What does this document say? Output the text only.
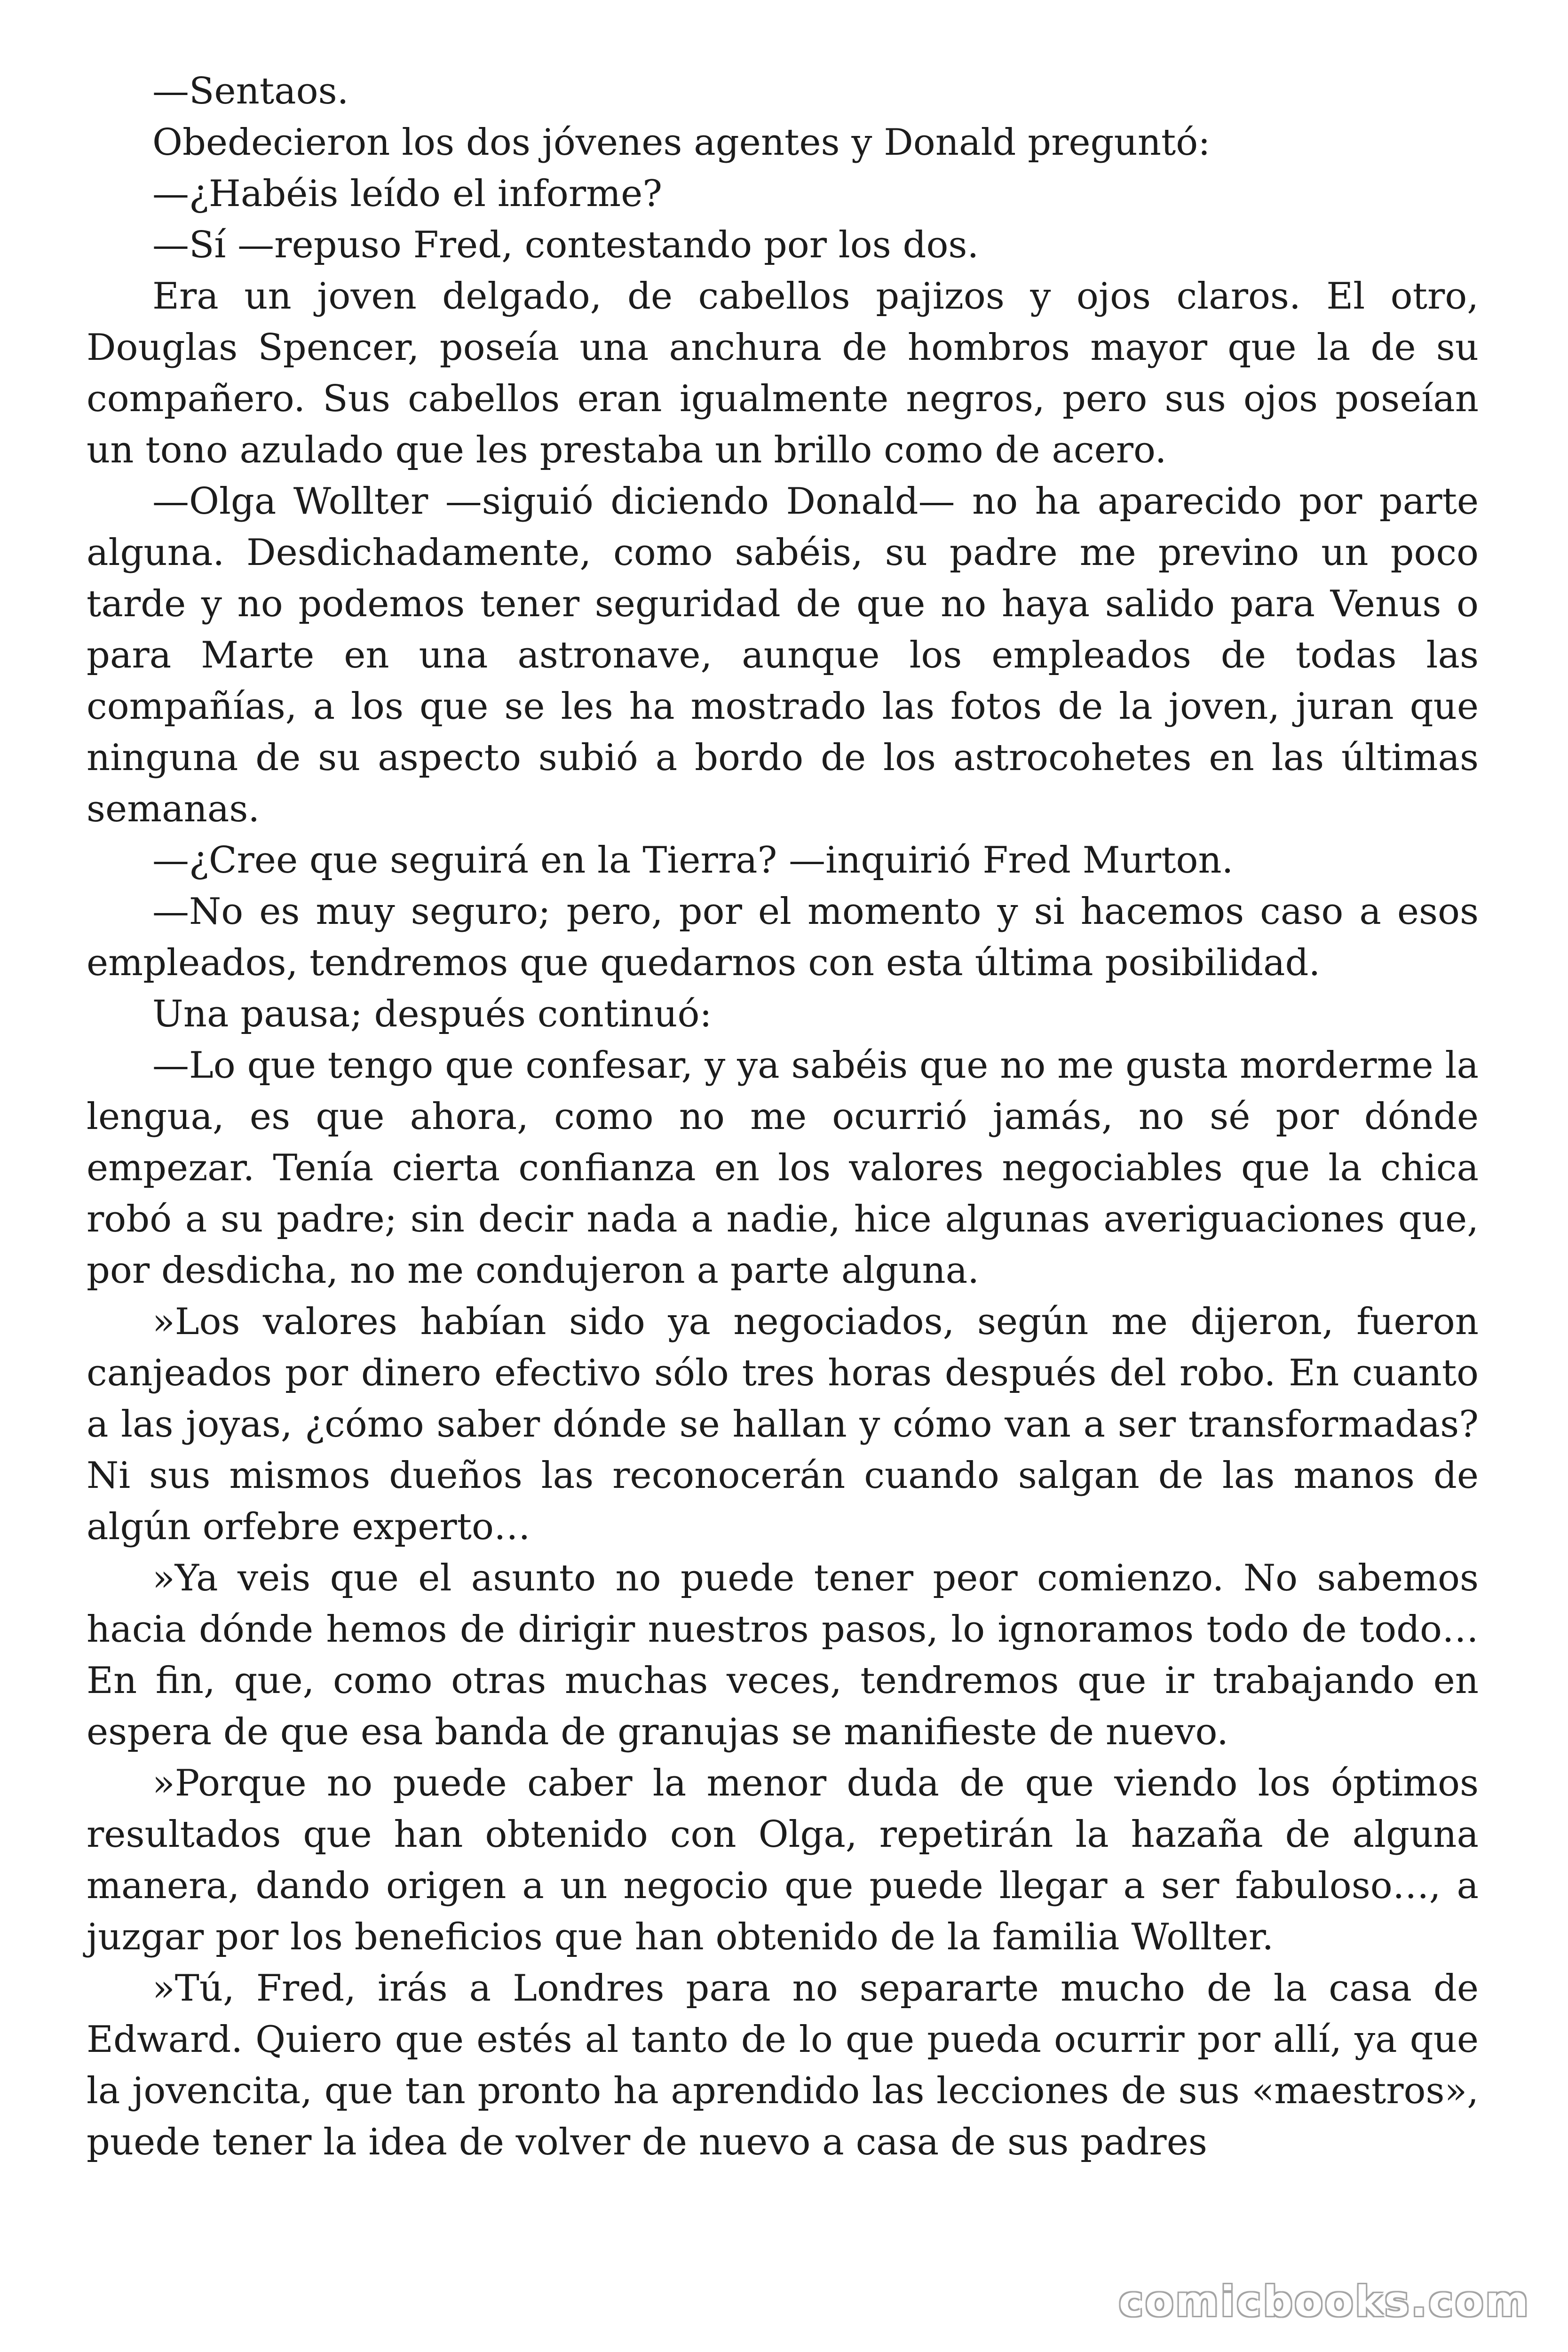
—Sentaos.

Obedecieron los dos jóvenes agentes y Donald preguntó:

—¿Habéis leído el informe?

—Sí —repuso Fred, contestando por los dos.

Era un joven delgado, de cabellos pajizos y ojos claros. El otro, Douglas Spencer, poseía una anchura de hombros mayor que la de su compañero. Sus cabellos eran igualmente negros, pero sus ojos poseían un tono azulado que les prestaba un brillo como de acero.

—Olga Wollter —siguió diciendo Donald— no ha aparecido por parte alguna. Desdichadamente, como sabéis, su padre me previno un poco tarde y no podemos tener seguridad de que no haya salido para Venus o para Marte en una astronave, aunque los empleados de todas las compañías, a los que se les ha mostrado las fotos de la joven, juran que ninguna de su aspecto subió a bordo de los astrocohetes en las últimas semanas.

—¿Cree que seguirá en la Tierra? —inquirió Fred Murton.

—No es muy seguro; pero, por el momento y si hacemos caso a esos empleados, tendremos que quedarnos con esta última posibilidad.

Una pausa; después continuó:

—Lo que tengo que confesar, y ya sabéis que no me gusta morderme la lengua, es que ahora, como no me ocurrió jamás, no sé por dónde empezar. Tenía cierta confianza en los valores negociables que la chica robó a su padre; sin decir nada a nadie, hice algunas averiguaciones que, por desdicha, no me condujeron a parte alguna.

»Los valores habían sido ya negociados, según me dijeron, fueron canjeados por dinero efectivo sólo tres horas después del robo. En cuanto a las joyas, ¿cómo saber dónde se hallan y cómo van a ser transformadas? Ni sus mismos dueños las reconocerán cuando salgan de las manos de algún orfebre experto…

»Ya veis que el asunto no puede tener peor comienzo. No sabemos hacia dónde hemos de dirigir nuestros pasos, lo ignoramos todo de todo… En fin, que, como otras muchas veces, tendremos que ir trabajando en espera de que esa banda de granujas se manifieste de nuevo.

»Porque no puede caber la menor duda de que viendo los óptimos resultados que han obtenido con Olga, repetirán la hazaña de alguna manera, dando origen a un negocio que puede llegar a ser fabuloso…, a juzgar por los beneficios que han obtenido de la familia Wollter.

»Tú, Fred, irás a Londres para no separarte mucho de la casa de Edward. Quiero que estés al tanto de lo que pueda ocurrir por allí, ya que la jovencita, que tan pronto ha aprendido las lecciones de sus «maestros», puede tener la idea de volver de nuevo a casa de sus padres

comicbooks.com
